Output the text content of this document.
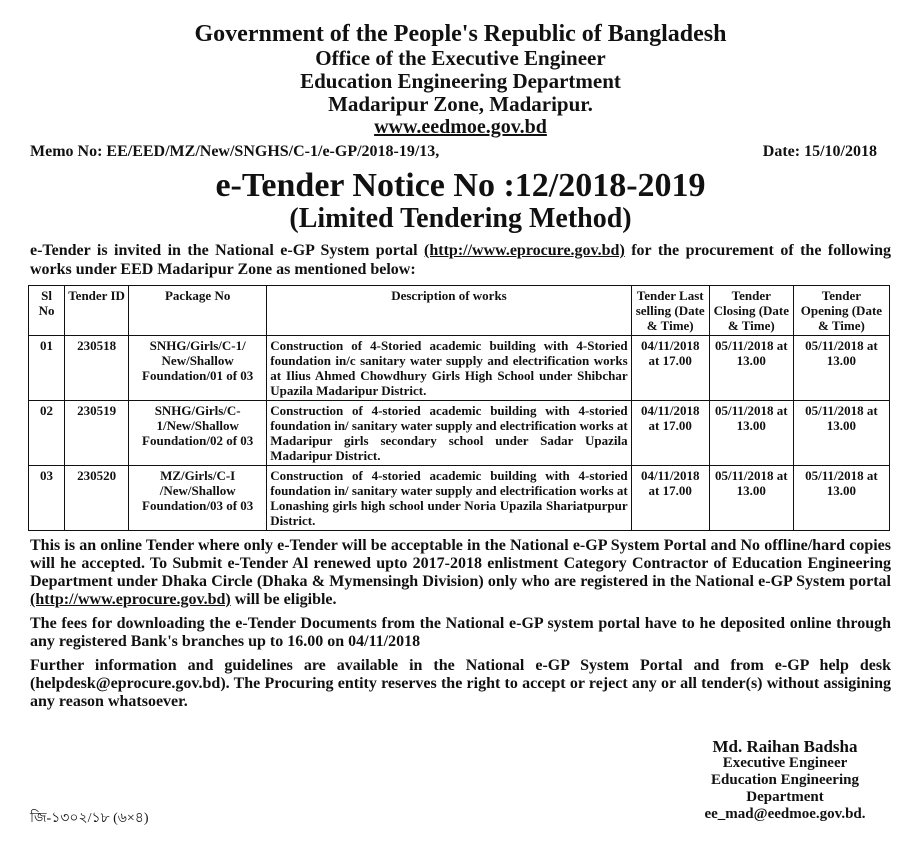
Government of the People's Republic of Bangladesh
Office of the Executive Engineer
Education Engineering Department
Madaripur Zone, Madaripur.
www.eedmoe.gov.bd
Memo No: EE/EED/MZ/New/SNGHS/C-1/e-GP/2018-19/13,	Date: 15/10/2018
e-Tender Notice No :12/2018-2019
(Limited Tendering Method)
e-Tender is invited in the National e-GP System portal (http://www.eprocure.gov.bd) for the procurement of the following works under EED Madaripur Zone as mentioned below:
Sl No	Tender ID	Package No	Description of works	Tender Last selling (Date & Time)	Tender Closing (Date & Time)	Tender Opening (Date & Time)
01	230518	SNHG/Girls/C-1/ New/Shallow Foundation/01 of 03	Construction of 4-Storied academic building with 4-Storied foundation in/c sanitary water supply and electrification works at Ilius Ahmed Chowdhury Girls High School under Shibchar Upazila Madaripur District.	04/11/2018 at 17.00	05/11/2018 at 13.00	05/11/2018 at 13.00
02	230519	SNHG/Girls/C-1/New/Shallow Foundation/02 of 03	Construction of 4-storied academic building with 4-storied foundation in/ sanitary water supply and electrification works at Madaripur girls secondary school under Sadar Upazila Madaripur District.	04/11/2018 at 17.00	05/11/2018 at 13.00	05/11/2018 at 13.00
03	230520	MZ/Girls/C-I /New/Shallow Foundation/03 of 03	Construction of 4-storied academic building with 4-storied foundation in/ sanitary water supply and electrification works at Lonashing girls high school under Noria Upazila Shariatpurpur District.	04/11/2018 at 17.00	05/11/2018 at 13.00	05/11/2018 at 13.00
This is an online Tender where only e-Tender will be acceptable in the National e-GP System Portal and No offline/hard copies will he accepted. To Submit e-Tender Al renewed upto 2017-2018 enlistment Category Contractor of Education Engineering Department under Dhaka Circle (Dhaka & Mymensingh Division) only who are registered in the National e-GP System portal (http://www.eprocure.gov.bd) will be eligible.
The fees for downloading the e-Tender Documents from the National e-GP system portal have to he deposited online through any registered Bank's branches up to 16.00 on 04/11/2018
Further information and guidelines are available in the National e-GP System Portal and from e-GP help desk (helpdesk@eprocure.gov.bd). The Procuring entity reserves the right to accept or reject any or all tender(s) without assigining any reason whatsoever.
Md. Raihan Badsha
Executive Engineer
Education Engineering
Department
ee_mad@eedmoe.gov.bd.
জি-১৩০২/১৮ (৬×৪)
